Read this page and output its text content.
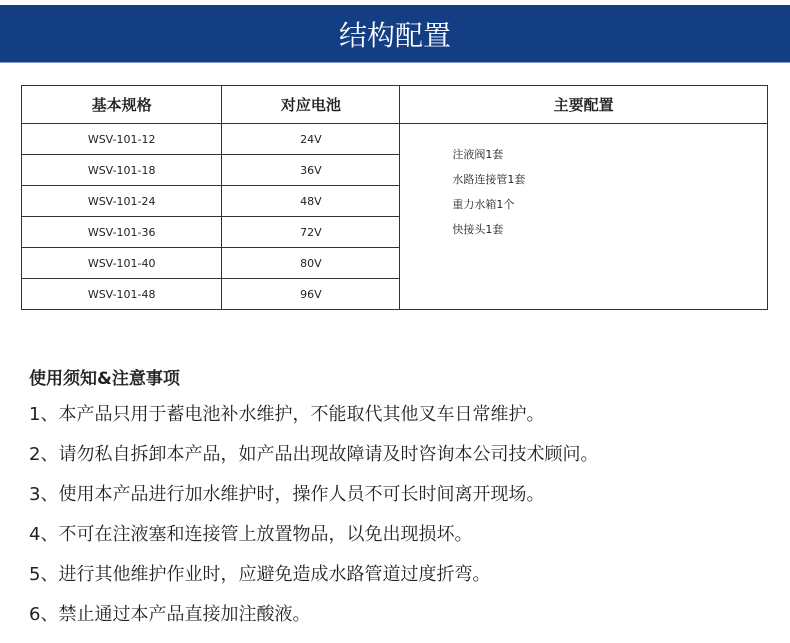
结构配置
基本规格	对应电池	主要配置
WSV-101-12	24V	注液阀1套
水路连接管1套
重力水箱1个
快接头1套

WSV-101-18	36V	
WSV-101-24	48V	
WSV-101-36	72V	
WSV-101-40	80V	
WSV-101-48	96V	
使用须知&注意事项

1、本产品只用于蓄电池补水维护，不能取代其他叉车日常维护。

2、请勿私自拆卸本产品，如产品出现故障请及时咨询本公司技术顾问。

3、使用本产品进行加水维护时，操作人员不可长时间离开现场。

4、不可在注液塞和连接管上放置物品，以免出现损坏。

5、进行其他维护作业时，应避免造成水路管道过度折弯。

6、禁止通过本产品直接加注酸液。
